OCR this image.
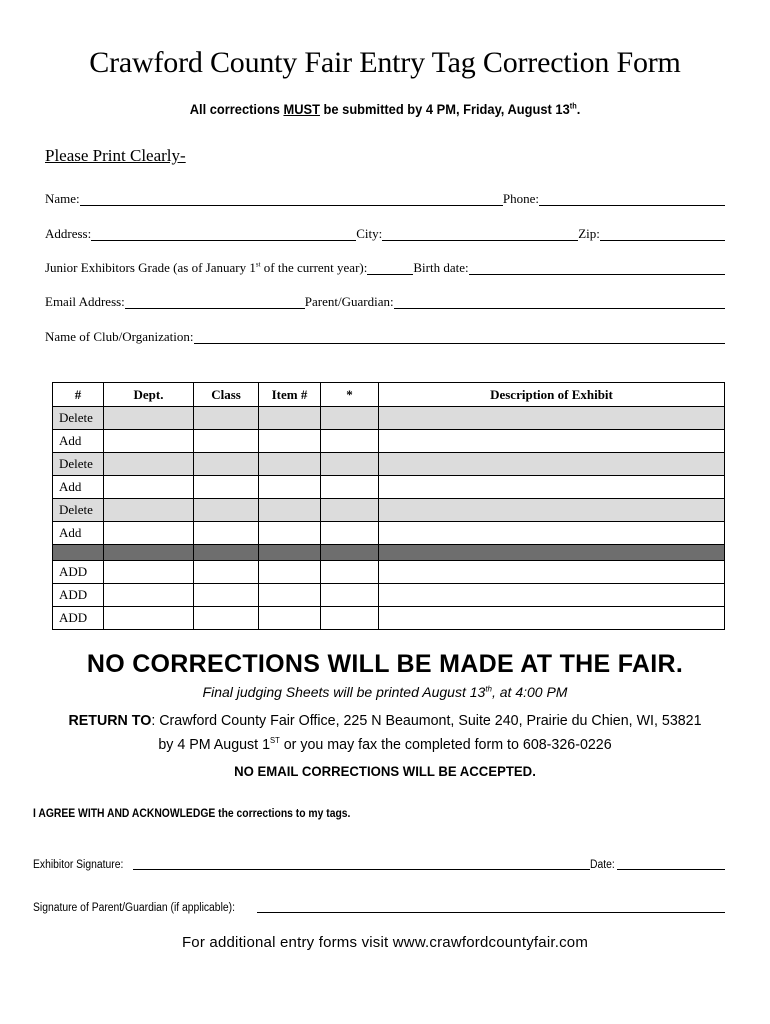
Crawford County Fair Entry Tag Correction Form
All corrections MUST be submitted by 4 PM, Friday, August 13th.
Please Print Clearly-
Name:	Phone:
Address:	City:	Zip:
Junior Exhibitors Grade (as of January 1st of the current year):	Birth date:
Email Address:	Parent/Guardian:
Name of Club/Organization:
#	Dept.	Class	Item #	*	Description of Exhibit
Delete					
Add					
Delete					
Add					
Delete					
Add					

ADD					
ADD					
ADD					
NO CORRECTIONS WILL BE MADE AT THE FAIR.
Final judging Sheets will be printed August 13th, at 4:00 PM
RETURN TO: Crawford County Fair Office, 225 N Beaumont, Suite 240, Prairie du Chien, WI, 53821
by 4 PM August 1ST or you may fax the completed form to 608-326-0226
NO EMAIL CORRECTIONS WILL BE ACCEPTED.
I AGREE WITH AND ACKNOWLEDGE the corrections to my tags.
Exhibitor Signature:	Date:
Signature of Parent/Guardian (if applicable):
For additional entry forms visit www.crawfordcountyfair.com
